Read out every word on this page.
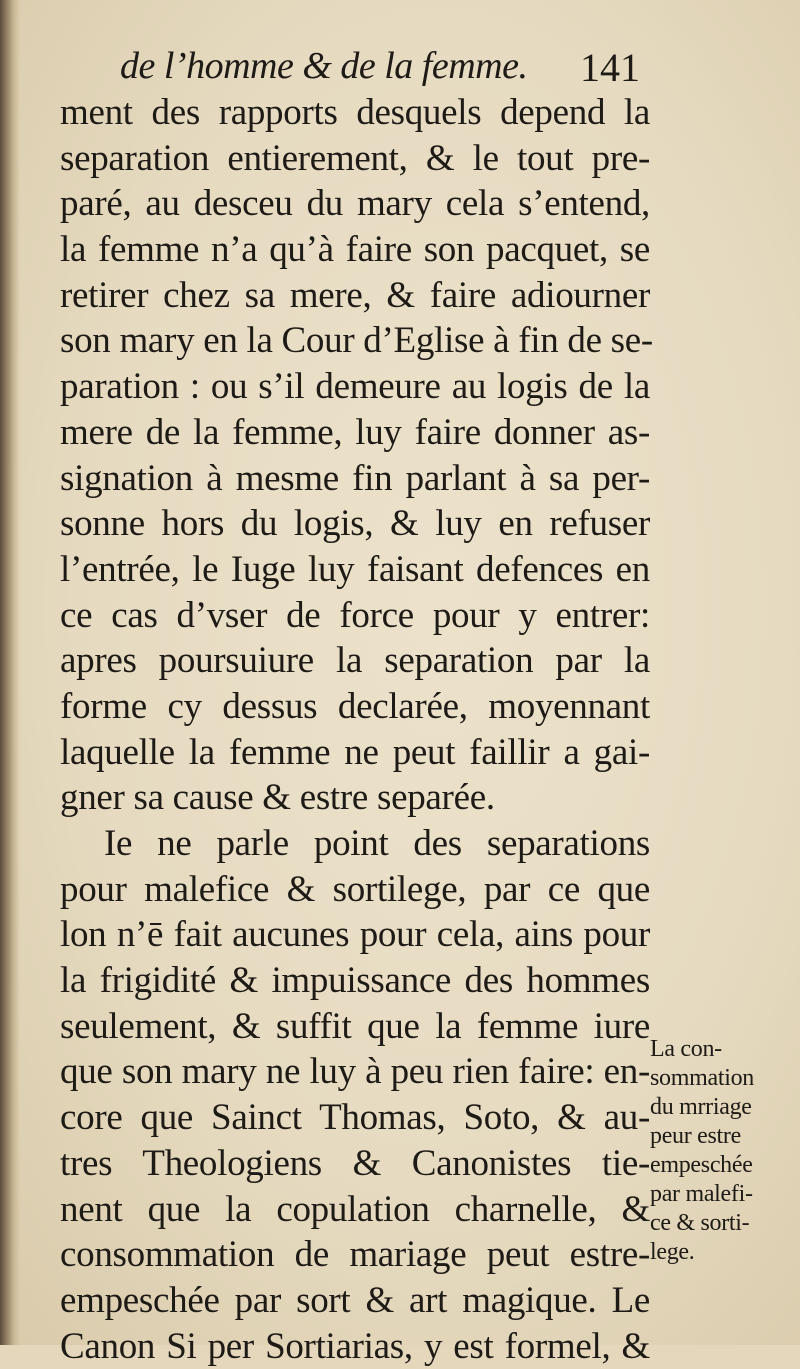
de l’homme & de la femme. 141
ment des rapports desquels depend la
separation entierement, & le tout pre-
paré, au desceu du mary cela s’entend,
la femme n’a qu’à faire son pacquet, se
retirer chez sa mere, & faire adiourner
son mary en la Cour d’Eglise à fin de se-
paration : ou s’il demeure au logis de la
mere de la femme, luy faire donner as-
signation à mesme fin parlant à sa per-
sonne hors du logis, & luy en refuser
l’entrée, le Iuge luy faisant defences en
ce cas d’vser de force pour y entrer:
apres poursuiure la separation par la
forme cy dessus declarée, moyennant
laquelle la femme ne peut faillir a gai-
gner sa cause & estre separée.
Ie ne parle point des separations
pour malefice & sortilege, par ce que
lon n’ē fait aucunes pour cela, ains pour
la frigidité & impuissance des hommes
seulement, & suffit que la femme iure
que son mary ne luy à peu rien faire: en-
core que Sainct Thomas, Soto, & au-
tres Theologiens & Canonistes tie-
nent que la copulation charnelle, &
consommation de mariage peut estre-
empeschée par sort & art magique. Le
Canon Si per Sortiarias, y est formel, &
La con-
sommation
du mrriage
peur estre
empeschée
par malefi-
ce & sorti-
lege.
